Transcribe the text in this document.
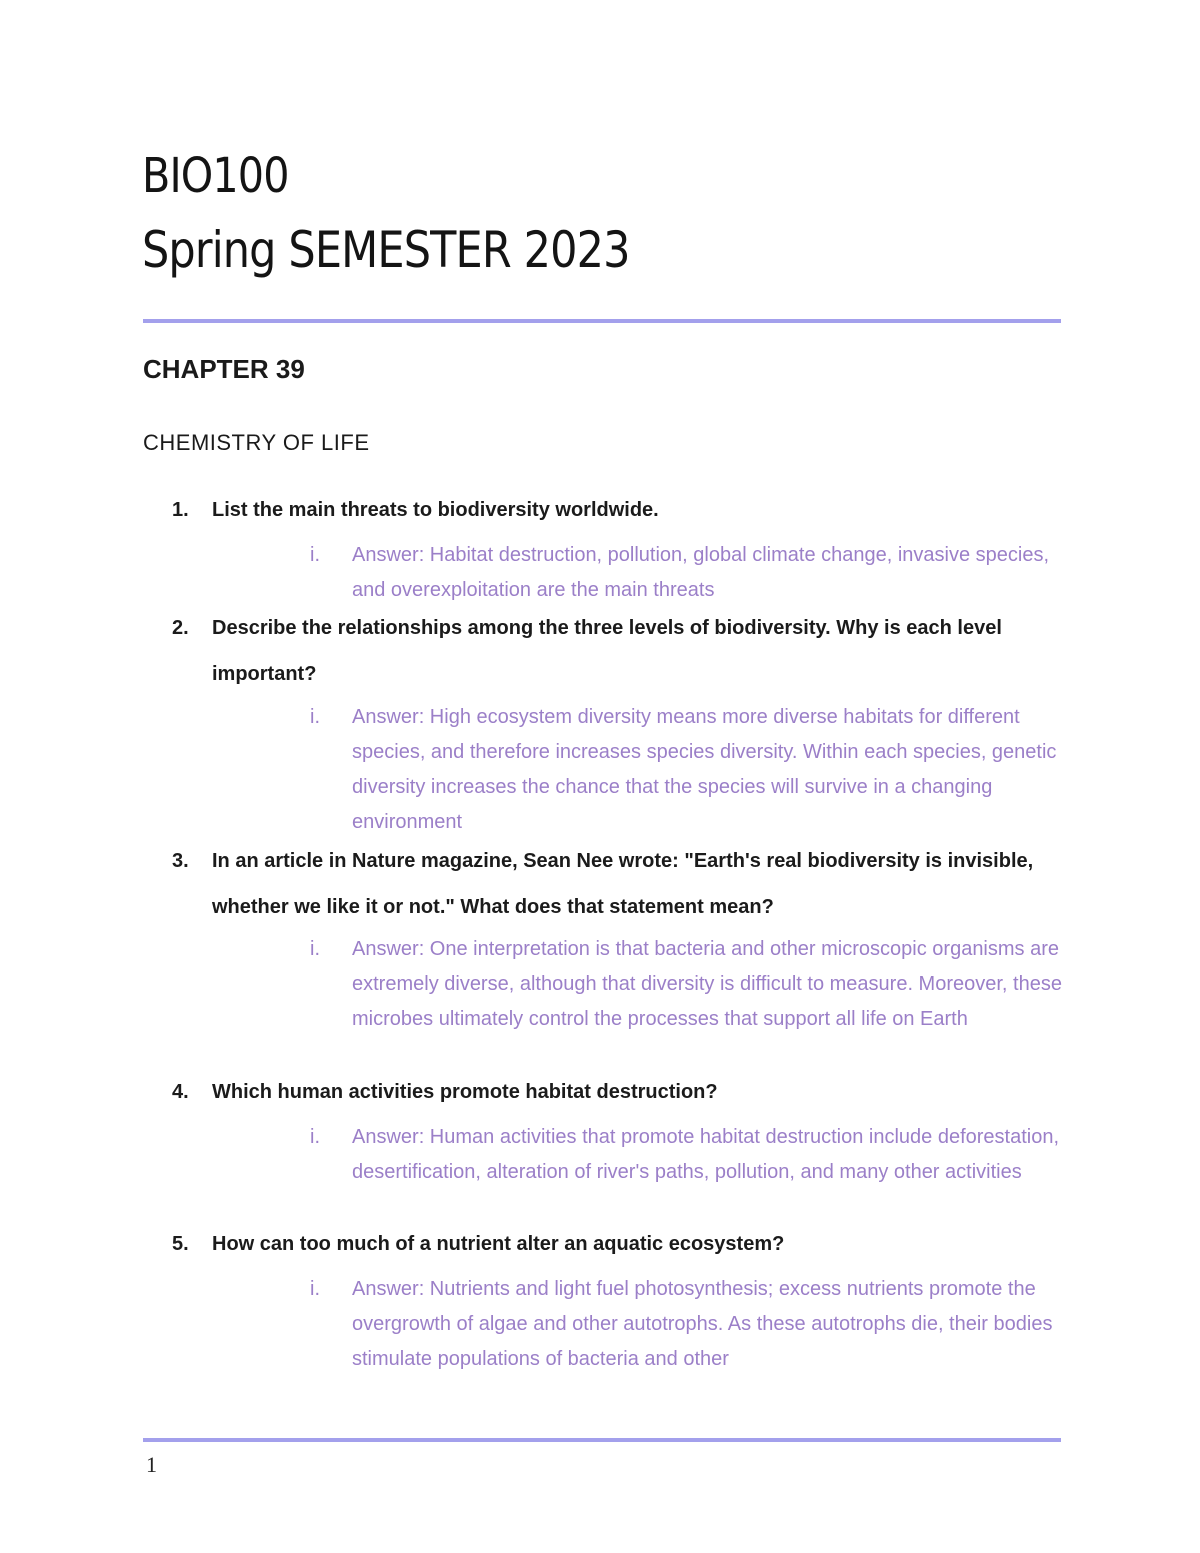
BIO100
Spring SEMESTER 2023
CHAPTER 39
CHEMISTRY OF LIFE
1. List the main threats to biodiversity worldwide.
i. Answer: Habitat destruction, pollution, global climate change, invasive species, and overexploitation are the main threats
2. Describe the relationships among the three levels of biodiversity. Why is each level important?
i. Answer: High ecosystem diversity means more diverse habitats for different species, and therefore increases species diversity. Within each species, genetic diversity increases the chance that the species will survive in a changing environment
3. In an article in Nature magazine, Sean Nee wrote: "Earth's real biodiversity is invisible, whether we like it or not." What does that statement mean?
i. Answer: One interpretation is that bacteria and other microscopic organisms are extremely diverse, although that diversity is difficult to measure. Moreover, these microbes ultimately control the processes that support all life on Earth
4. Which human activities promote habitat destruction?
i. Answer: Human activities that promote habitat destruction include deforestation, desertification, alteration of river's paths, pollution, and many other activities
5. How can too much of a nutrient alter an aquatic ecosystem?
i. Answer: Nutrients and light fuel photosynthesis; excess nutrients promote the overgrowth of algae and other autotrophs. As these autotrophs die, their bodies stimulate populations of bacteria and other
1
